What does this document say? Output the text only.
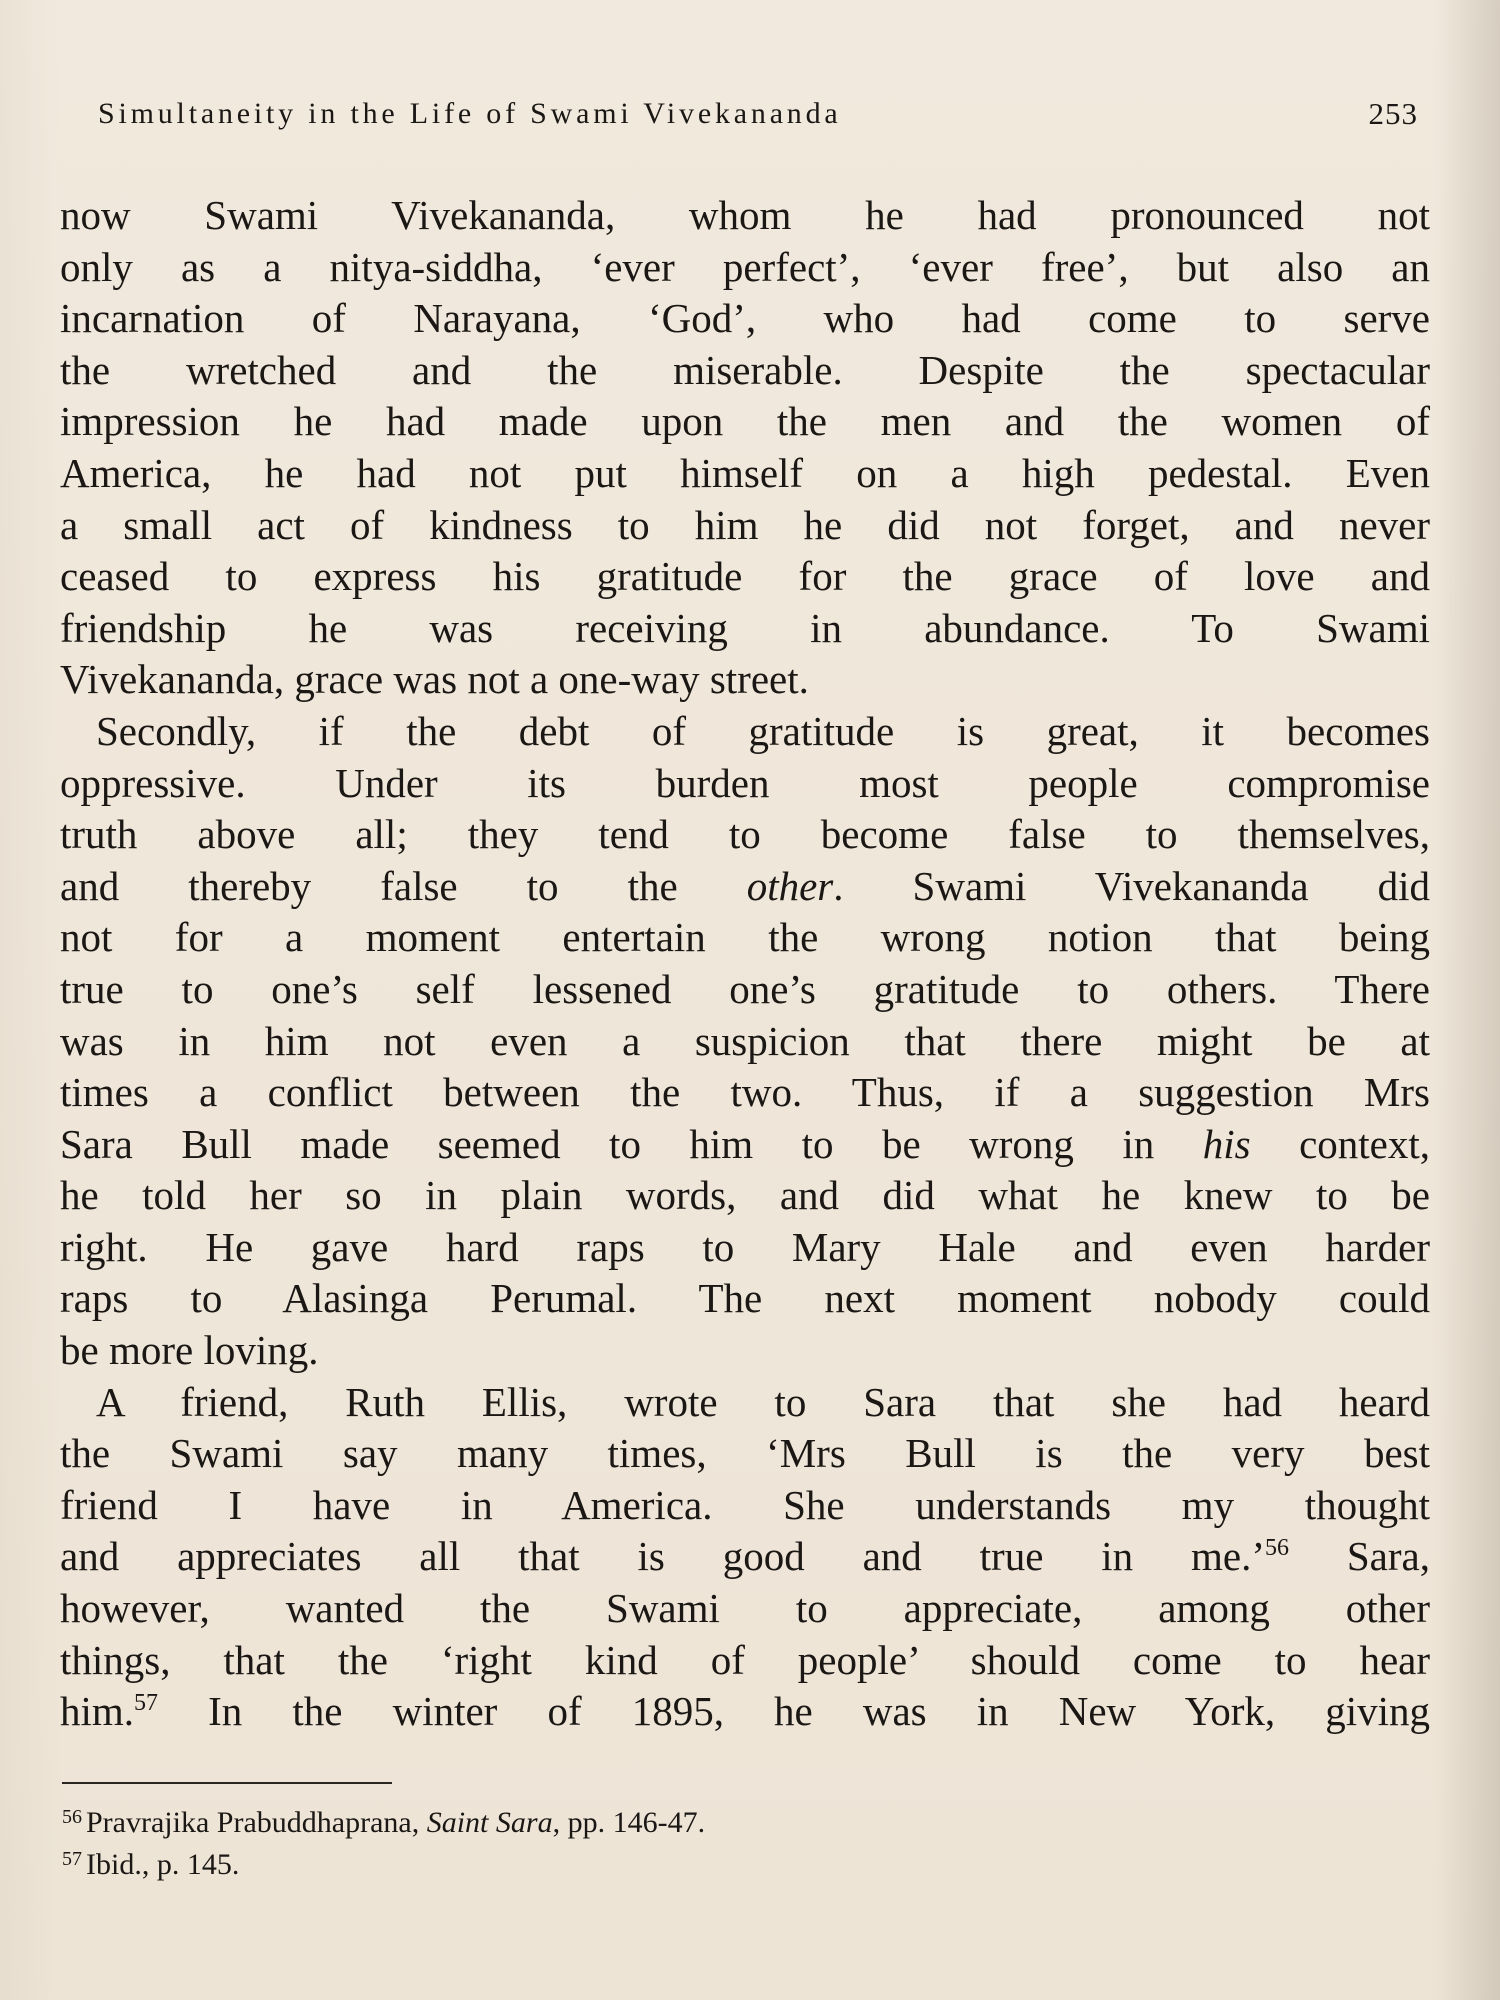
Simultaneity in the Life of Swami Vivekananda	253
now Swami Vivekananda, whom he had pronounced not
only as a nitya-siddha, ‘ever perfect’, ‘ever free’, but also an
incarnation of Narayana, ‘God’, who had come to serve
the wretched and the miserable. Despite the spectacular
impression he had made upon the men and the women of
America, he had not put himself on a high pedestal. Even
a small act of kindness to him he did not forget, and never
ceased to express his gratitude for the grace of love and
friendship he was receiving in abundance. To Swami
Vivekananda, grace was not a one-way street.
Secondly, if the debt of gratitude is great, it becomes
oppressive. Under its burden most people compromise
truth above all; they tend to become false to themselves,
and thereby false to the other. Swami Vivekananda did
not for a moment entertain the wrong notion that being
true to one’s self lessened one’s gratitude to others. There
was in him not even a suspicion that there might be at
times a conflict between the two. Thus, if a suggestion Mrs
Sara Bull made seemed to him to be wrong in his context,
he told her so in plain words, and did what he knew to be
right. He gave hard raps to Mary Hale and even harder
raps to Alasinga Perumal. The next moment nobody could
be more loving.
A friend, Ruth Ellis, wrote to Sara that she had heard
the Swami say many times, ‘Mrs Bull is the very best
friend I have in America. She understands my thought
and appreciates all that is good and true in me.’$^{56}$ Sara,
however, wanted the Swami to appreciate, among other
things, that the ‘right kind of people’ should come to hear
him.$^{57}$ In the winter of 1895, he was in New York, giving
$^{56}$ Pravrajika Prabuddhaprana, Saint Sara, pp. 146-47.
$^{57}$ Ibid., p. 145.
